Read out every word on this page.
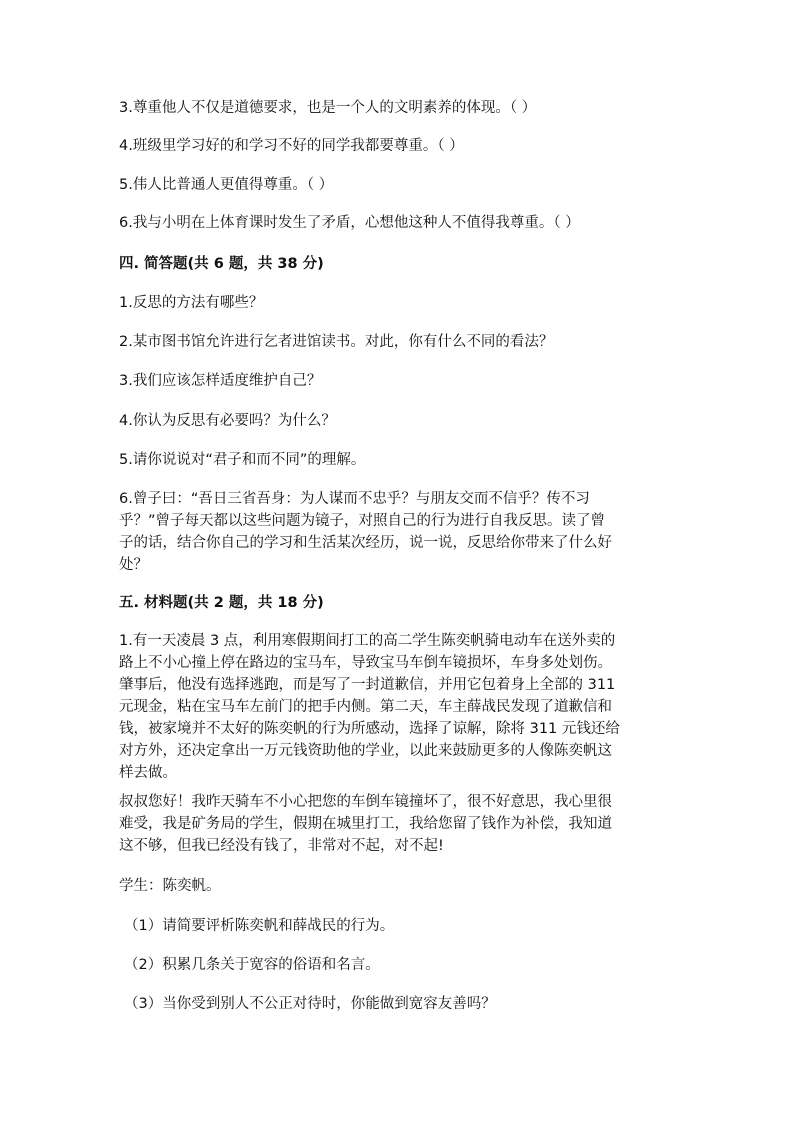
3.尊重他人不仅是道德要求，也是一个人的文明素养的体现。（ ）
4.班级里学习好的和学习不好的同学我都要尊重。（ ）
5.伟人比普通人更值得尊重。（ ）
6.我与小明在上体育课时发生了矛盾，心想他这种人不值得我尊重。（ ）
四. 简答题(共 6 题，共 38 分)
1.反思的方法有哪些？
2.某市图书馆允许进行乞者进馆读书。对此，你有什么不同的看法？
3.我们应该怎样适度维护自己？
4.你认为反思有必要吗？为什么？
5.请你说说对“君子和而不同”的理解。
6.曾子曰：“吾日三省吾身：为人谋而不忠乎？与朋友交而不信乎？传不习
乎？”曾子每天都以这些问题为镜子，对照自己的行为进行自我反思。读了曾
子的话，结合你自己的学习和生活某次经历，说一说，反思给你带来了什么好
处？
五. 材料题(共 2 题，共 18 分)
1.有一天凌晨 3 点，利用寒假期间打工的高二学生陈奕帆骑电动车在送外卖的
路上不小心撞上停在路边的宝马车，导致宝马车倒车镜损坏，车身多处划伤。
肇事后，他没有选择逃跑，而是写了一封道歉信，并用它包着身上全部的 311
元现金，粘在宝马车左前门的把手内侧。第二天，车主薛战民发现了道歉信和
钱，被家境并不太好的陈奕帆的行为所感动，选择了谅解，除将 311 元钱还给
对方外，还决定拿出一万元钱资助他的学业，以此来鼓励更多的人像陈奕帆这
样去做。
叔叔您好！我昨天骑车不小心把您的车倒车镜撞坏了，很不好意思，我心里很
难受，我是矿务局的学生，假期在城里打工，我给您留了钱作为补偿，我知道
这不够，但我已经没有钱了，非常对不起，对不起!
学生：陈奕帆。
（1）请简要评析陈奕帆和薛战民的行为。
（2）积累几条关于宽容的俗语和名言。
（3）当你受到别人不公正对待时，你能做到宽容友善吗？
